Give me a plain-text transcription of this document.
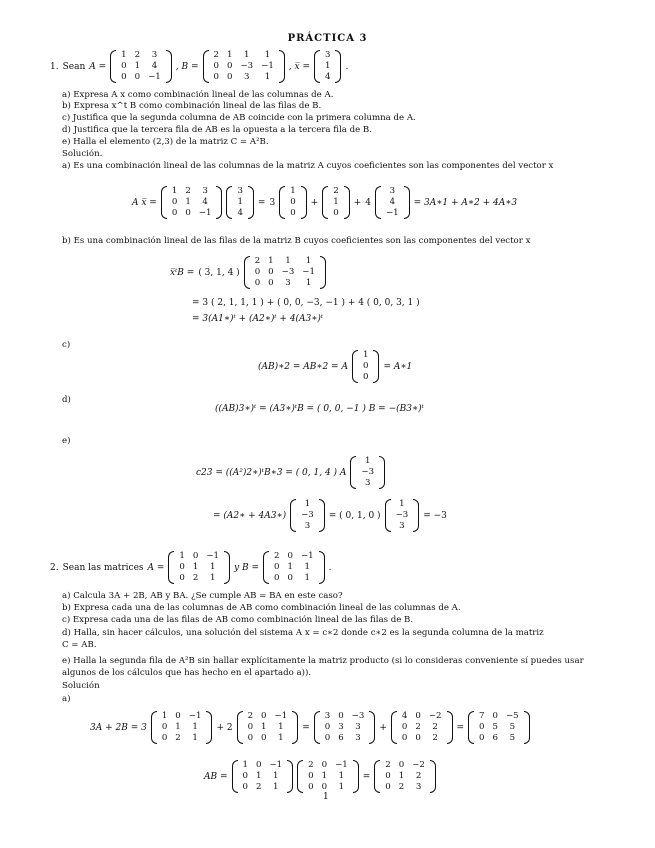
PRÁCTICA 3
1. Sean A =
1	2	3
0	1	4
0	0	−1
, B =
2	1	1	1
0	0	−3	−1
0	0	3	1
, x̅ =
3
1
4
.
a) Expresa A x como combinación lineal de las columnas de A.
b) Expresa x^t B como combinación lineal de las filas de B.
c) Justifica que la segunda columna de AB coincide con la primera columna de A.
d) Justifica que la tercera fila de AB es la opuesta a la tercera fila de B.
e) Halla el elemento (2,3) de la matriz C = A²B.
Solución.
a) Es una combinación lineal de las columnas de la matriz A cuyos coeficientes son las componentes del vector x
A x̅ =
1	2	3
0	1	4
0	0	−1
3
1
4
= 3
1
0
0
+
2
1
0
+ 4
3
4
−1
= 3A∗1 + A∗2 + 4A∗3
b) Es una combinación lineal de las filas de la matriz B cuyos coeficientes son las componentes del vector x
x̅ᵗB = ( 3, 1, 4 )
2	1	1	1
0	0	−3	−1
0	0	3	1
= 3 ( 2, 1, 1, 1 ) + ( 0, 0, −3, −1 ) + 4 ( 0, 0, 3, 1 )
= 3(A1∗)ᵗ + (A2∗)ᵗ + 4(A3∗)ᵗ
c)
(AB)∗2 = AB∗2 = A
1
0
0
= A∗1
d)
((AB)3∗)ᵗ = (A3∗)ᵗB = ( 0, 0, −1 ) B = −(B3∗)ᵗ
e)
c23 = ((A²)2∗)ᵗB∗3 = ( 0, 1, 4 ) A
1
−3
3
= (A2∗ + 4A3∗)
1
−3
3
= ( 0, 1, 0 )
1
−3
3
= −3
2. Sean las matrices A =
1	0	−1
0	1	1
0	2	1
y B =
2	0	−1
0	1	1
0	0	1
.
a) Calcula 3A + 2B, AB y BA. ¿Se cumple AB = BA en este caso?
b) Expresa cada una de las columnas de AB como combinación lineal de las columnas de A.
c) Expresa cada una de las filas de AB como combinación lineal de las filas de B.
d) Halla, sin hacer cálculos, una solución del sistema A x = c∗2 donde c∗2 es la segunda columna de la matriz
C = AB.
e) Halla la segunda fila de A²B sin hallar explícitamente la matriz producto (si lo consideras conveniente sí puedes usar
algunos de los cálculos que has hecho en el apartado a)).
Solución
a)
3A + 2B = 3
1	0	−1
0	1	1
0	2	1
+ 2
2	0	−1
0	1	1
0	0	1
=
3	0	−3
0	3	3
0	6	3
+
4	0	−2
0	2	2
0	0	2
=
7	0	−5
0	5	5
0	6	5
AB =
1	0	−1
0	1	1
0	2	1
2	0	−1
0	1	1
0	0	1
=
2	0	−2
0	1	2
0	2	3
1
